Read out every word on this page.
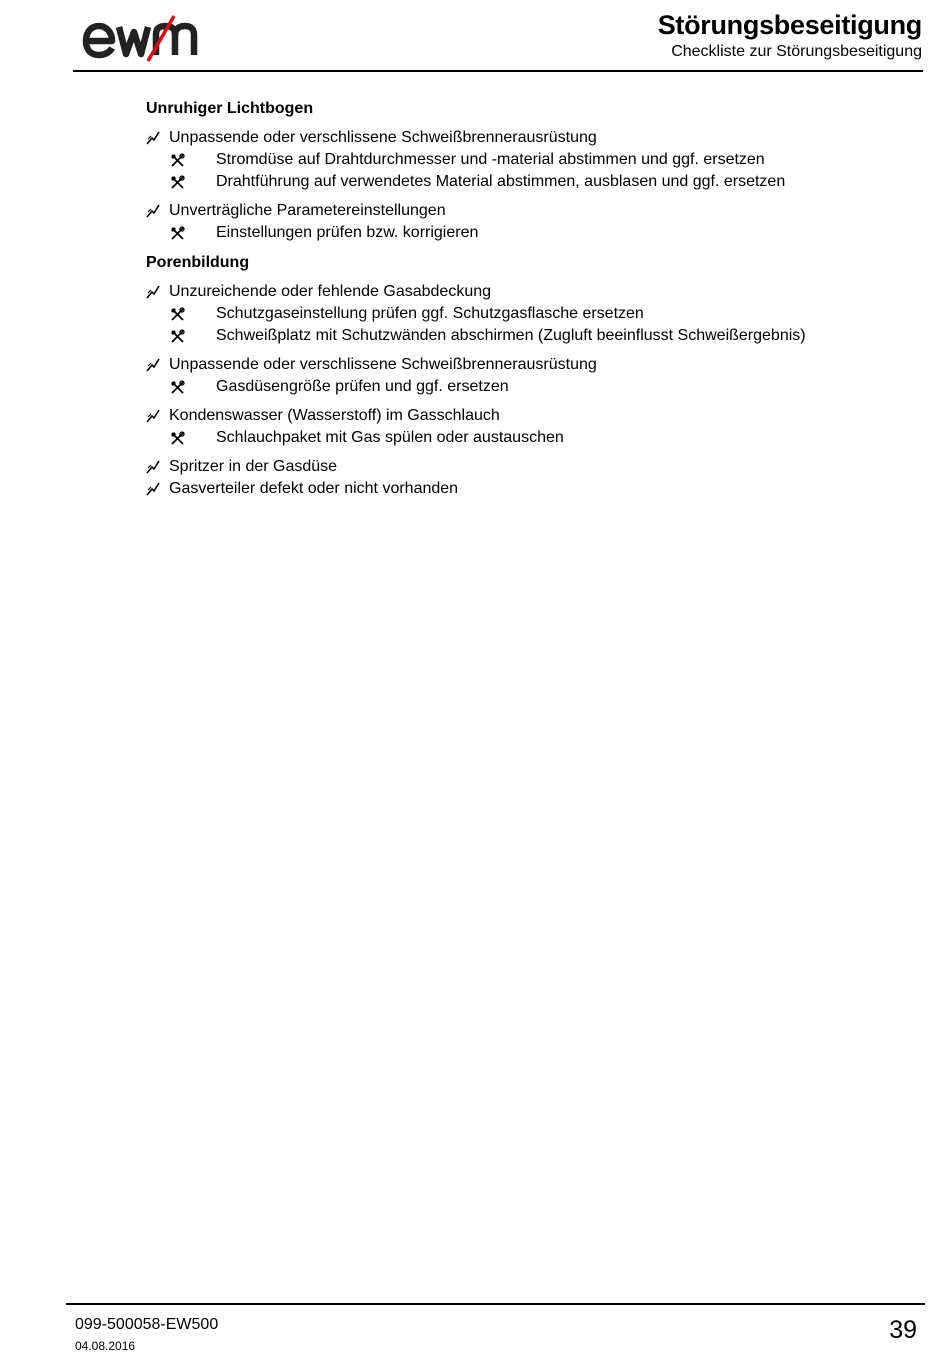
Störungsbeseitigung
Checkliste zur Störungsbeseitigung
Unruhiger Lichtbogen
Unpassende oder verschlissene Schweißbrennerausrüstung
Stromdüse auf Drahtdurchmesser und -material abstimmen und ggf. ersetzen
Drahtführung auf verwendetes Material abstimmen, ausblasen und ggf. ersetzen
Unverträgliche Parametereinstellungen
Einstellungen prüfen bzw. korrigieren
Porenbildung
Unzureichende oder fehlende Gasabdeckung
Schutzgaseinstellung prüfen ggf. Schutzgasflasche ersetzen
Schweißplatz mit Schutzwänden abschirmen (Zugluft beeinflusst Schweißergebnis)
Unpassende oder verschlissene Schweißbrennerausrüstung
Gasdüsengröße prüfen und ggf. ersetzen
Kondenswasser (Wasserstoff) im Gasschlauch
Schlauchpaket mit Gas spülen oder austauschen
Spritzer in der Gasdüse
Gasverteiler defekt oder nicht vorhanden
099-500058-EW500
04.08.2016
39
